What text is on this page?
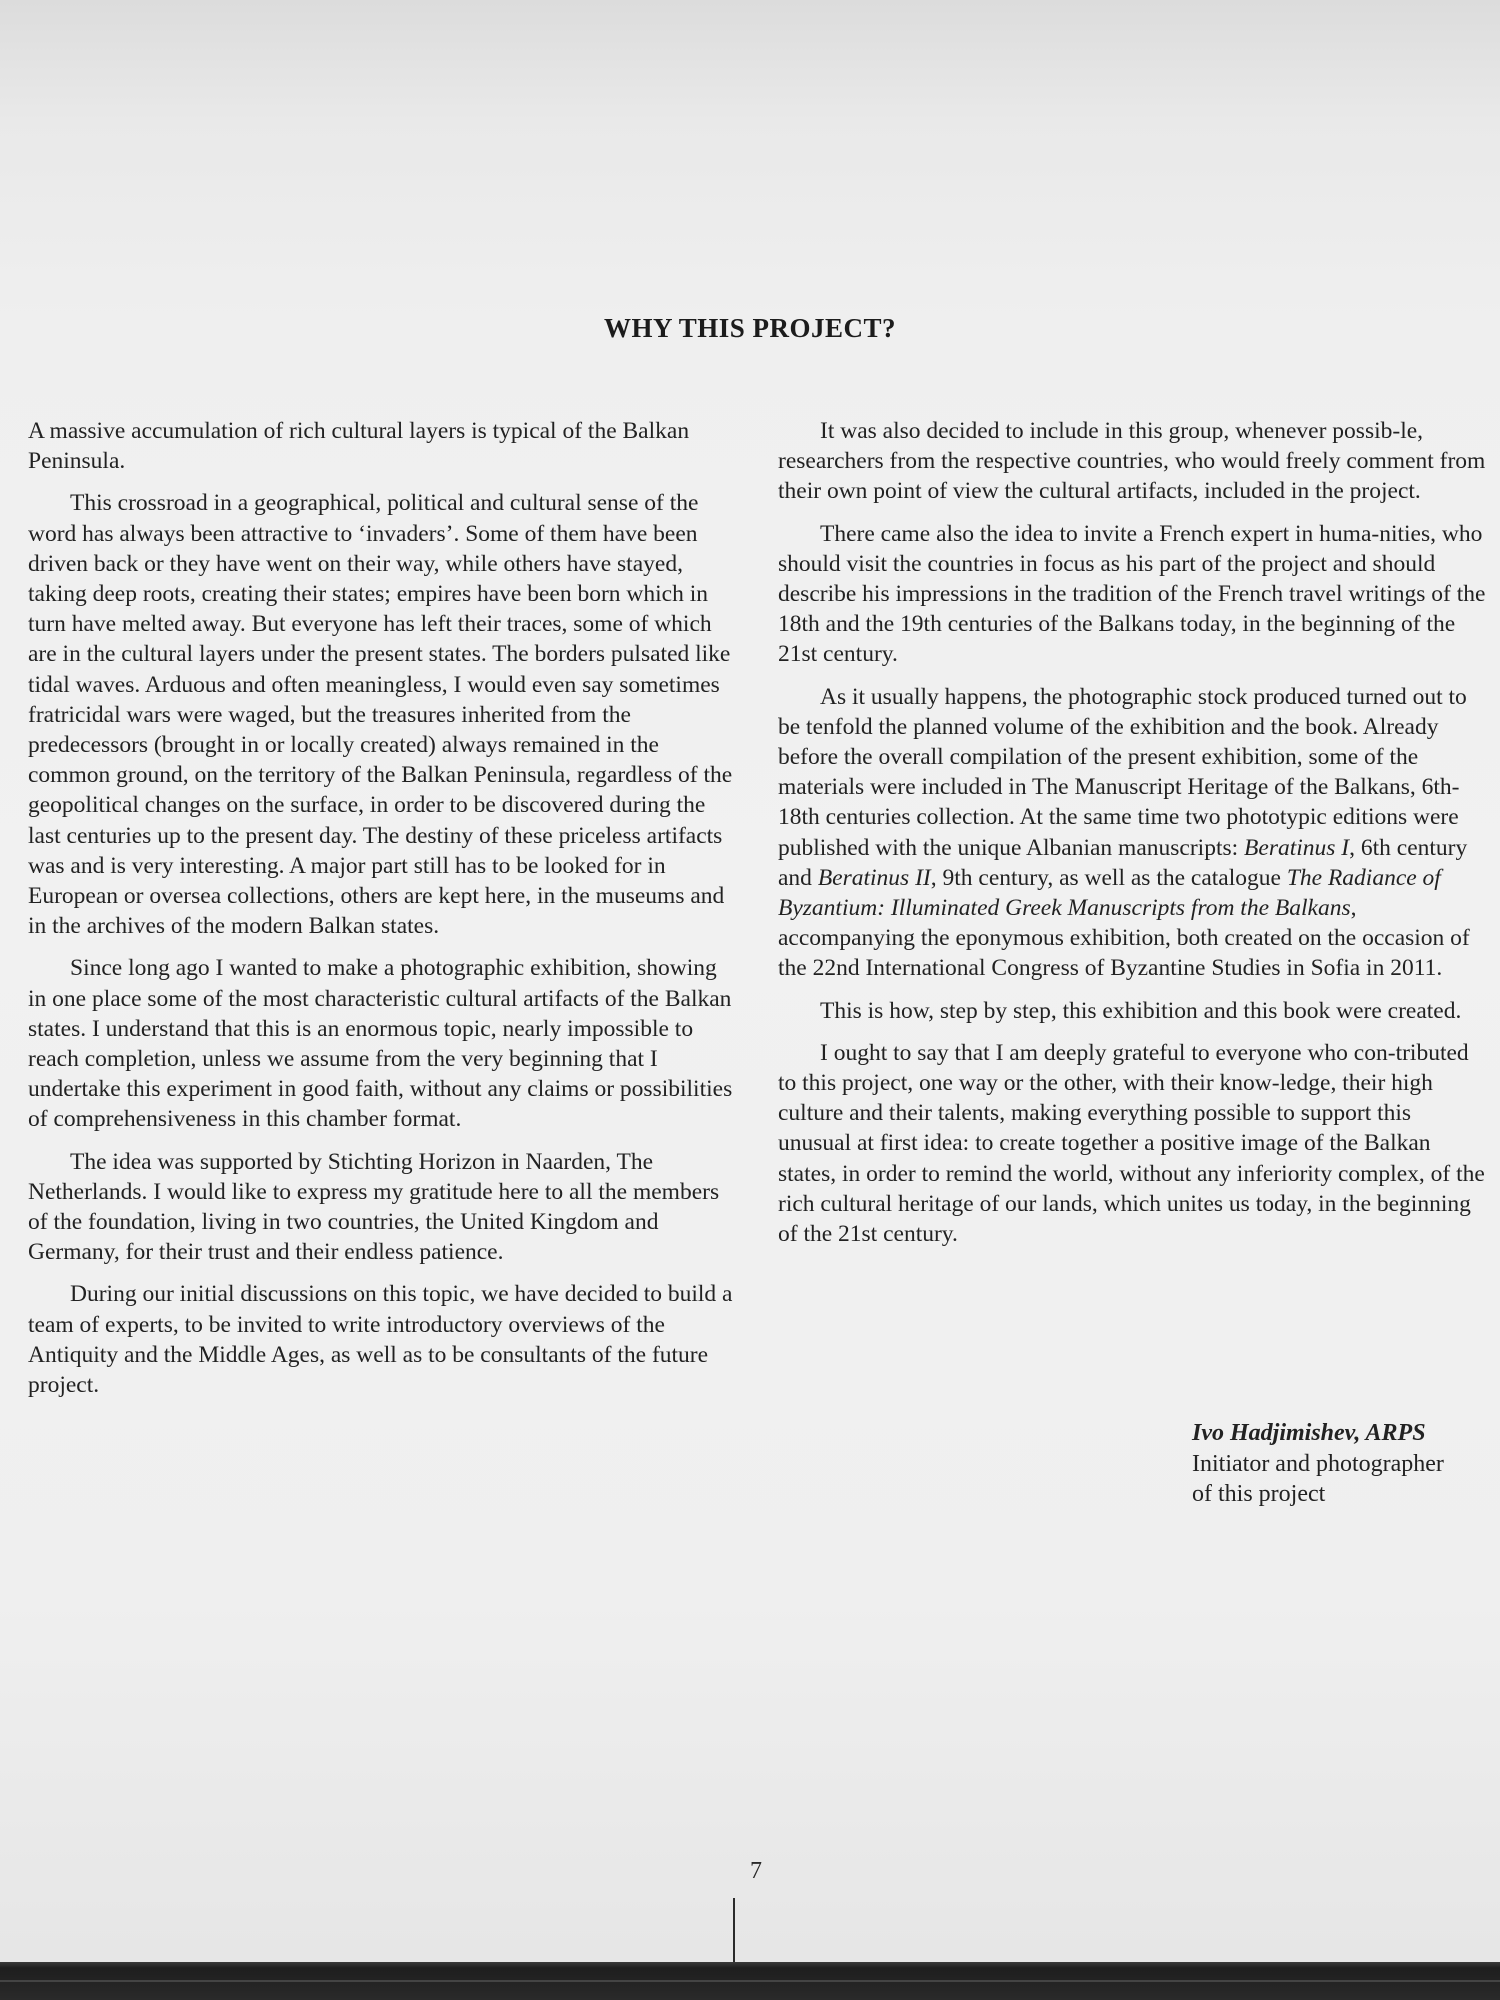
WHY THIS PROJECT?

A massive accumulation of rich cultural layers is typical of the Balkan Peninsula.

This crossroad in a geographical, political and cultural sense of the word has always been attractive to ‘invaders’. Some of them have been driven back or they have went on their way, while others have stayed, taking deep roots, creating their states; empires have been born which in turn have melted away. But everyone has left their traces, some of which are in the cultural layers under the present states. The borders pulsated like tidal waves. Arduous and often meaningless, I would even say sometimes fratricidal wars were waged, but the treasures inherited from the predecessors (brought in or locally created) always remained in the common ground, on the territory of the Balkan Peninsula, regardless of the geopolitical changes on the surface, in order to be discovered during the last centuries up to the present day. The destiny of these priceless artifacts was and is very interesting. A major part still has to be looked for in European or oversea collections, others are kept here, in the museums and in the archives of the modern Balkan states.

Since long ago I wanted to make a photographic exhibition, showing in one place some of the most characteristic cultural artifacts of the Balkan states. I understand that this is an enormous topic, nearly impossible to reach completion, unless we assume from the very beginning that I undertake this experiment in good faith, without any claims or possibilities of comprehensiveness in this chamber format.

The idea was supported by Stichting Horizon in Naarden, The Netherlands. I would like to express my gratitude here to all the members of the foundation, living in two countries, the United Kingdom and Germany, for their trust and their endless patience.

During our initial discussions on this topic, we have decided to build a team of experts, to be invited to write introductory overviews of the Antiquity and the Middle Ages, as well as to be consultants of the future project.

It was also decided to include in this group, whenever possib-le, researchers from the respective countries, who would freely comment from their own point of view the cultural artifacts, included in the project.

There came also the idea to invite a French expert in huma-nities, who should visit the countries in focus as his part of the project and should describe his impressions in the tradition of the French travel writings of the 18th and the 19th centuries of the Balkans today, in the beginning of the 21st century.

As it usually happens, the photographic stock produced turned out to be tenfold the planned volume of the exhibition and the book. Already before the overall compilation of the present exhibition, some of the materials were included in The Manuscript Heritage of the Balkans, 6th-18th centuries collection. At the same time two phototypic editions were published with the unique Albanian manuscripts: Beratinus I, 6th century and Beratinus II, 9th century, as well as the catalogue The Radiance of Byzantium: Illuminated Greek Manuscripts from the Balkans, accompanying the eponymous exhibition, both created on the occasion of the 22nd International Congress of Byzantine Studies in Sofia in 2011.

This is how, step by step, this exhibition and this book were created.

I ought to say that I am deeply grateful to everyone who con-tributed to this project, one way or the other, with their know-ledge, their high culture and their talents, making everything possible to support this unusual at first idea: to create together a positive image of the Balkan states, in order to remind the world, without any inferiority complex, of the rich cultural heritage of our lands, which unites us today, in the beginning of the 21st century.

Ivo Hadjimishev, ARPS
Initiator and photographer
of this project
7
